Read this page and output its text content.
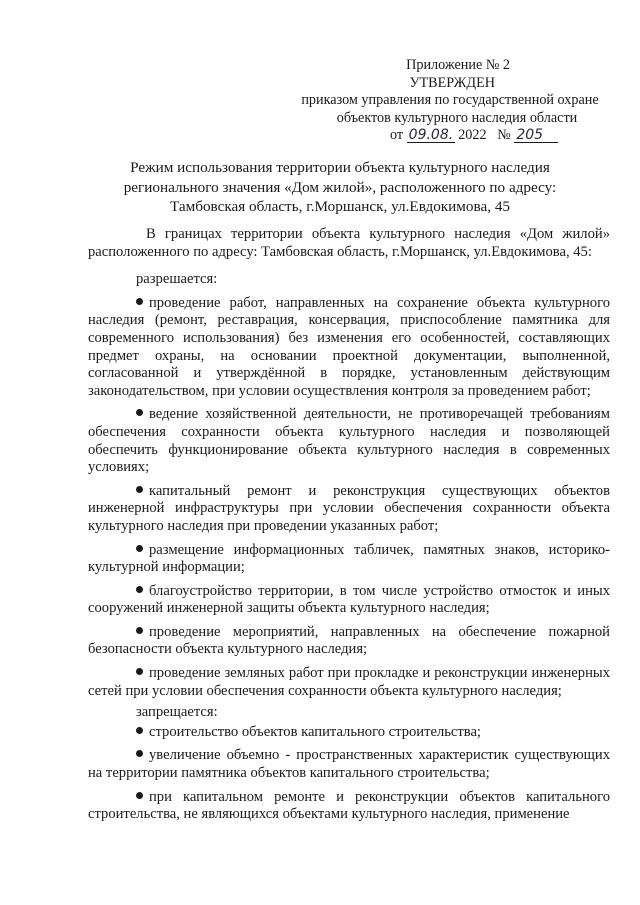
Приложение № 2
УТВЕРЖДЕН
приказом управления по государственной охране
объектов культурного наследия области
от 09.08. 2022 № 205
Режим использования территории объекта культурного наследия
регионального значения «Дом жилой», расположенного по адресу:
Тамбовская область, г.Моршанск, ул.Евдокимова, 45

В границах территории объекта культурного наследия «Дом жилой» расположенного по адресу: Тамбовская область, г.Моршанск, ул.Евдокимова, 45:

разрешается:

проведение работ, направленных на сохранение объекта культурного наследия (ремонт, реставрация, консервация, приспособление памятника для современного использования) без изменения его особенностей, составляющих предмет охраны, на основании проектной документации, выполненной, согласованной и утверждённой в порядке, установленным действующим законодательством, при условии осуществления контроля за проведением работ;

ведение хозяйственной деятельности, не противоречащей требованиям обеспечения сохранности объекта культурного наследия и позволяющей обеспечить функционирование объекта культурного наследия в современных условиях;

капитальный ремонт и реконструкция существующих объектов инженерной инфраструктуры при условии обеспечения сохранности объекта культурного наследия при проведении указанных работ;

размещение информационных табличек, памятных знаков, историко-культурной информации;

благоустройство территории, в том числе устройство отмосток и иных сооружений инженерной защиты объекта культурного наследия;

проведение мероприятий, направленных на обеспечение пожарной безопасности объекта культурного наследия;

проведение земляных работ при прокладке и реконструкции инженерных сетей при условии обеспечения сохранности объекта культурного наследия;

запрещается:

строительство объектов капитального строительства;

увеличение объемно - пространственных характеристик существующих на территории памятника объектов капитального строительства;

при капитальном ремонте и реконструкции объектов капитального строительства, не являющихся объектами культурного наследия, применение
